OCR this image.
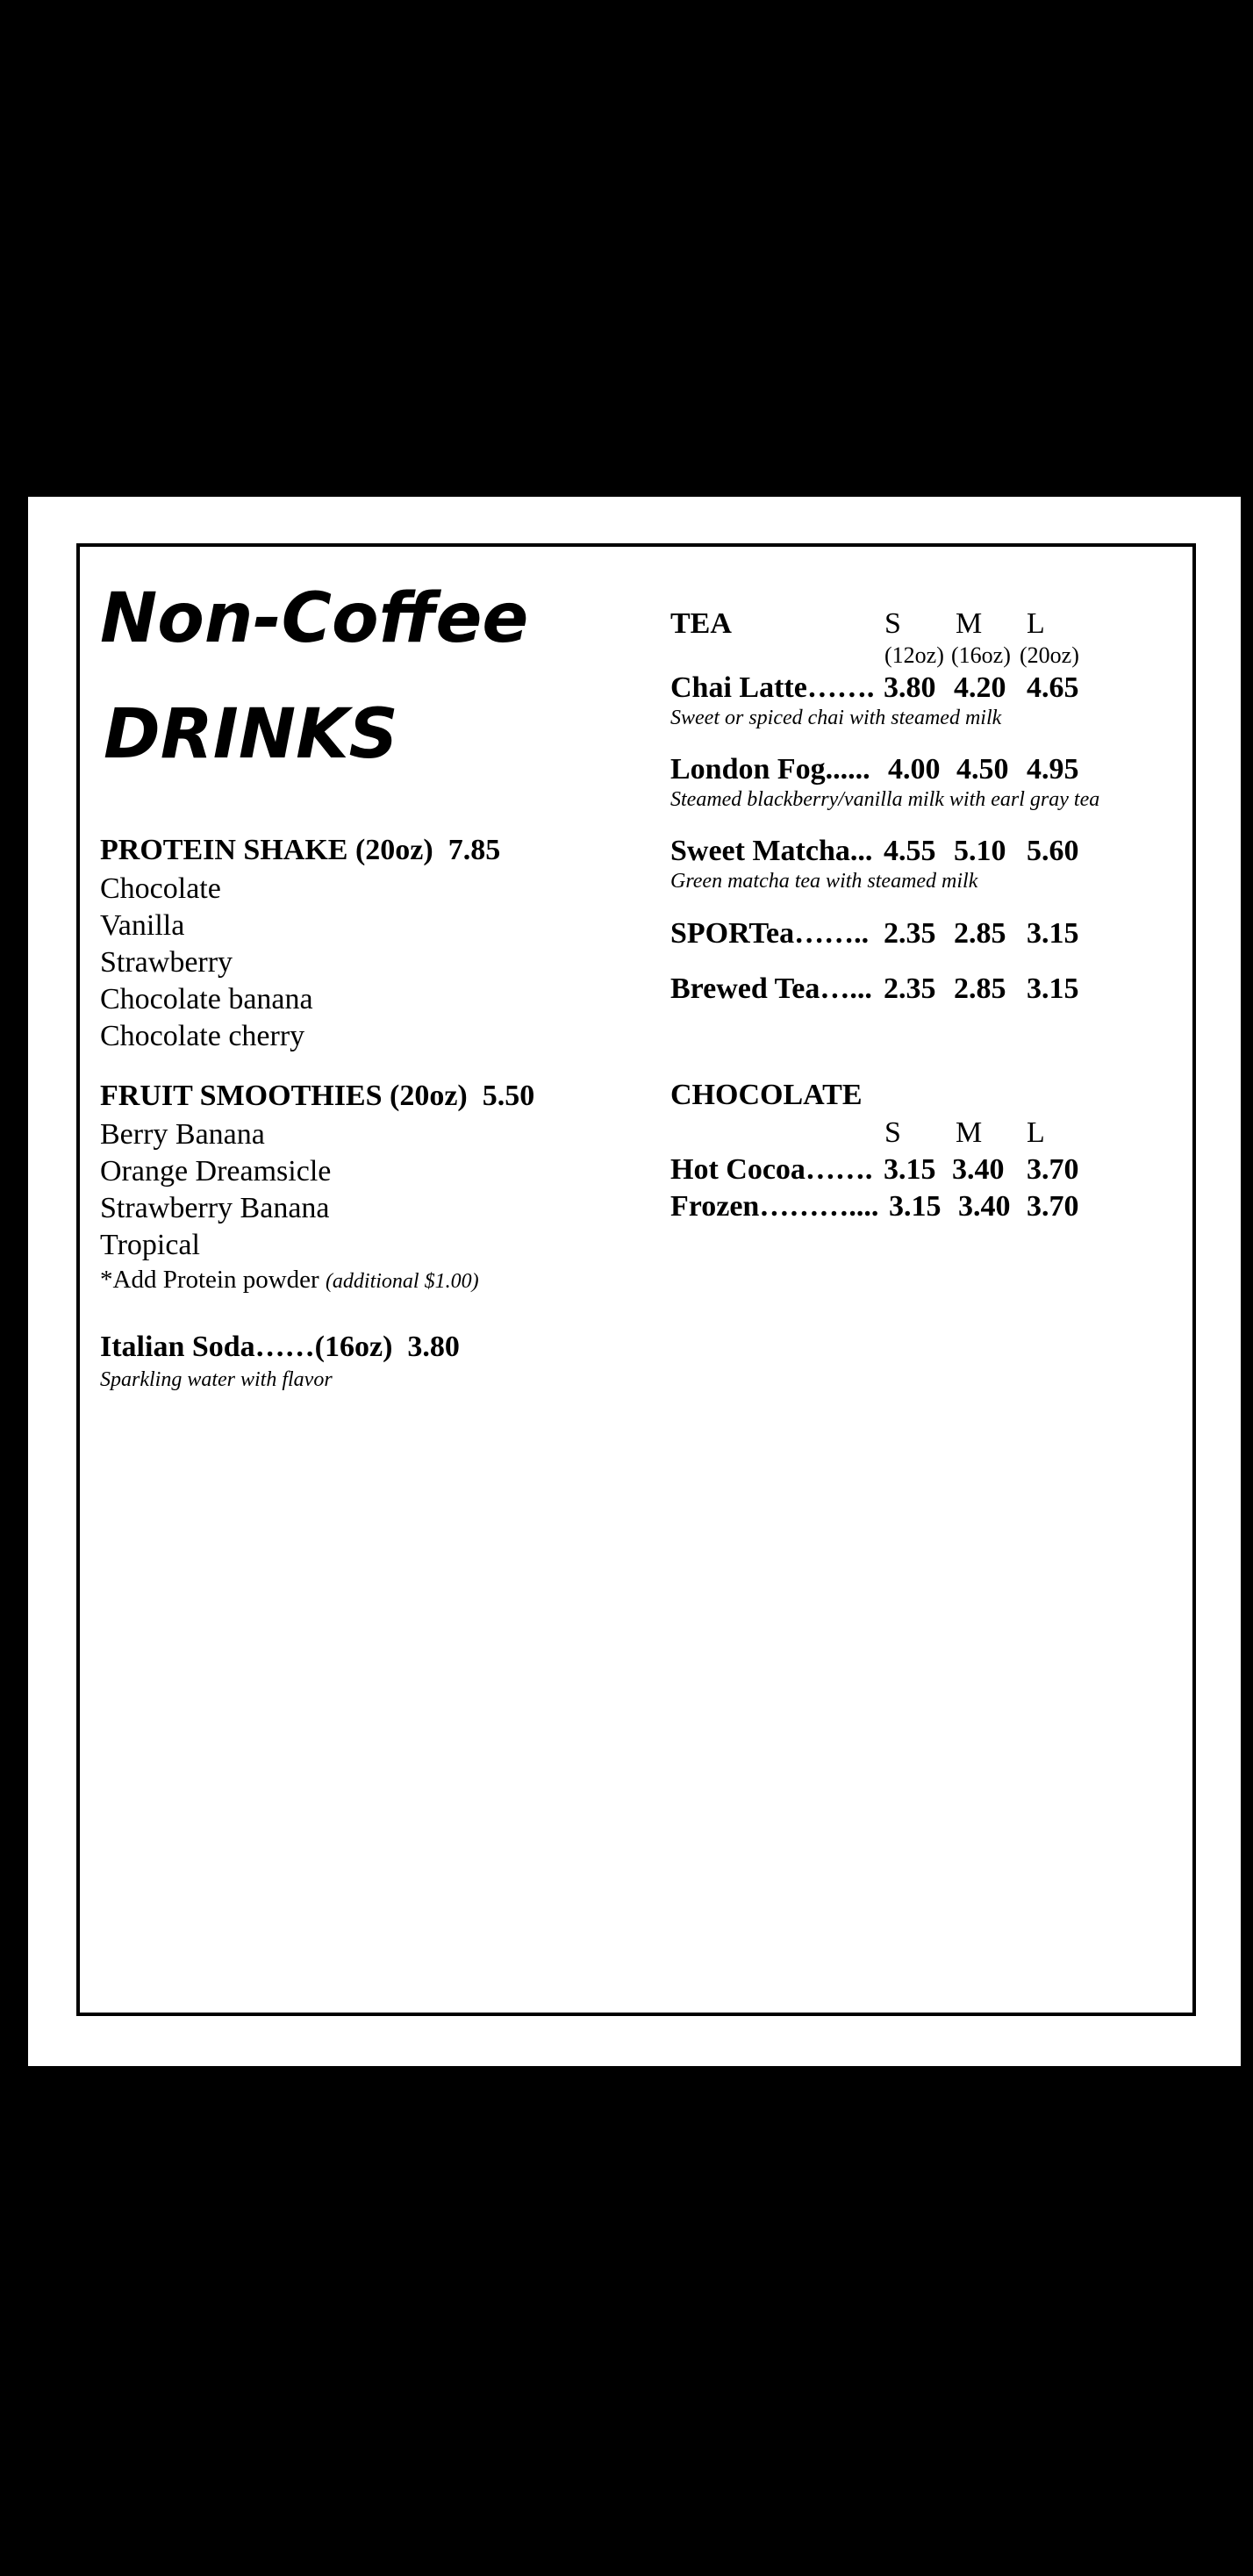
Non-Coffee
DRINKS
PROTEIN SHAKE (20oz) 7.85
Chocolate
Vanilla
Strawberry
Chocolate banana
Chocolate cherry
FRUIT SMOOTHIES (20oz) 5.50
Berry Banana
Orange Dreamsicle
Strawberry Banana
Tropical
*Add Protein powder (additional $1.00)
Italian Soda……(16oz) 3.80
Sparkling water with flavor
TEA	S M L
(12oz) (16oz) (20oz)
Chai Latte……. 3.80 4.20 4.65
Sweet or spiced chai with steamed milk
London Fog...... 4.00 4.50 4.95
Steamed blackberry/vanilla milk with earl gray tea
Sweet Matcha... 4.55 5.10 5.60
Green matcha tea with steamed milk
SPORTea…….. 2.35 2.85 3.15
Brewed Tea…... 2.35 2.85 3.15
CHOCOLATE
S M L
Hot Cocoa……. 3.15 3.40 3.70
Frozen……….... 3.15 3.40 3.70
